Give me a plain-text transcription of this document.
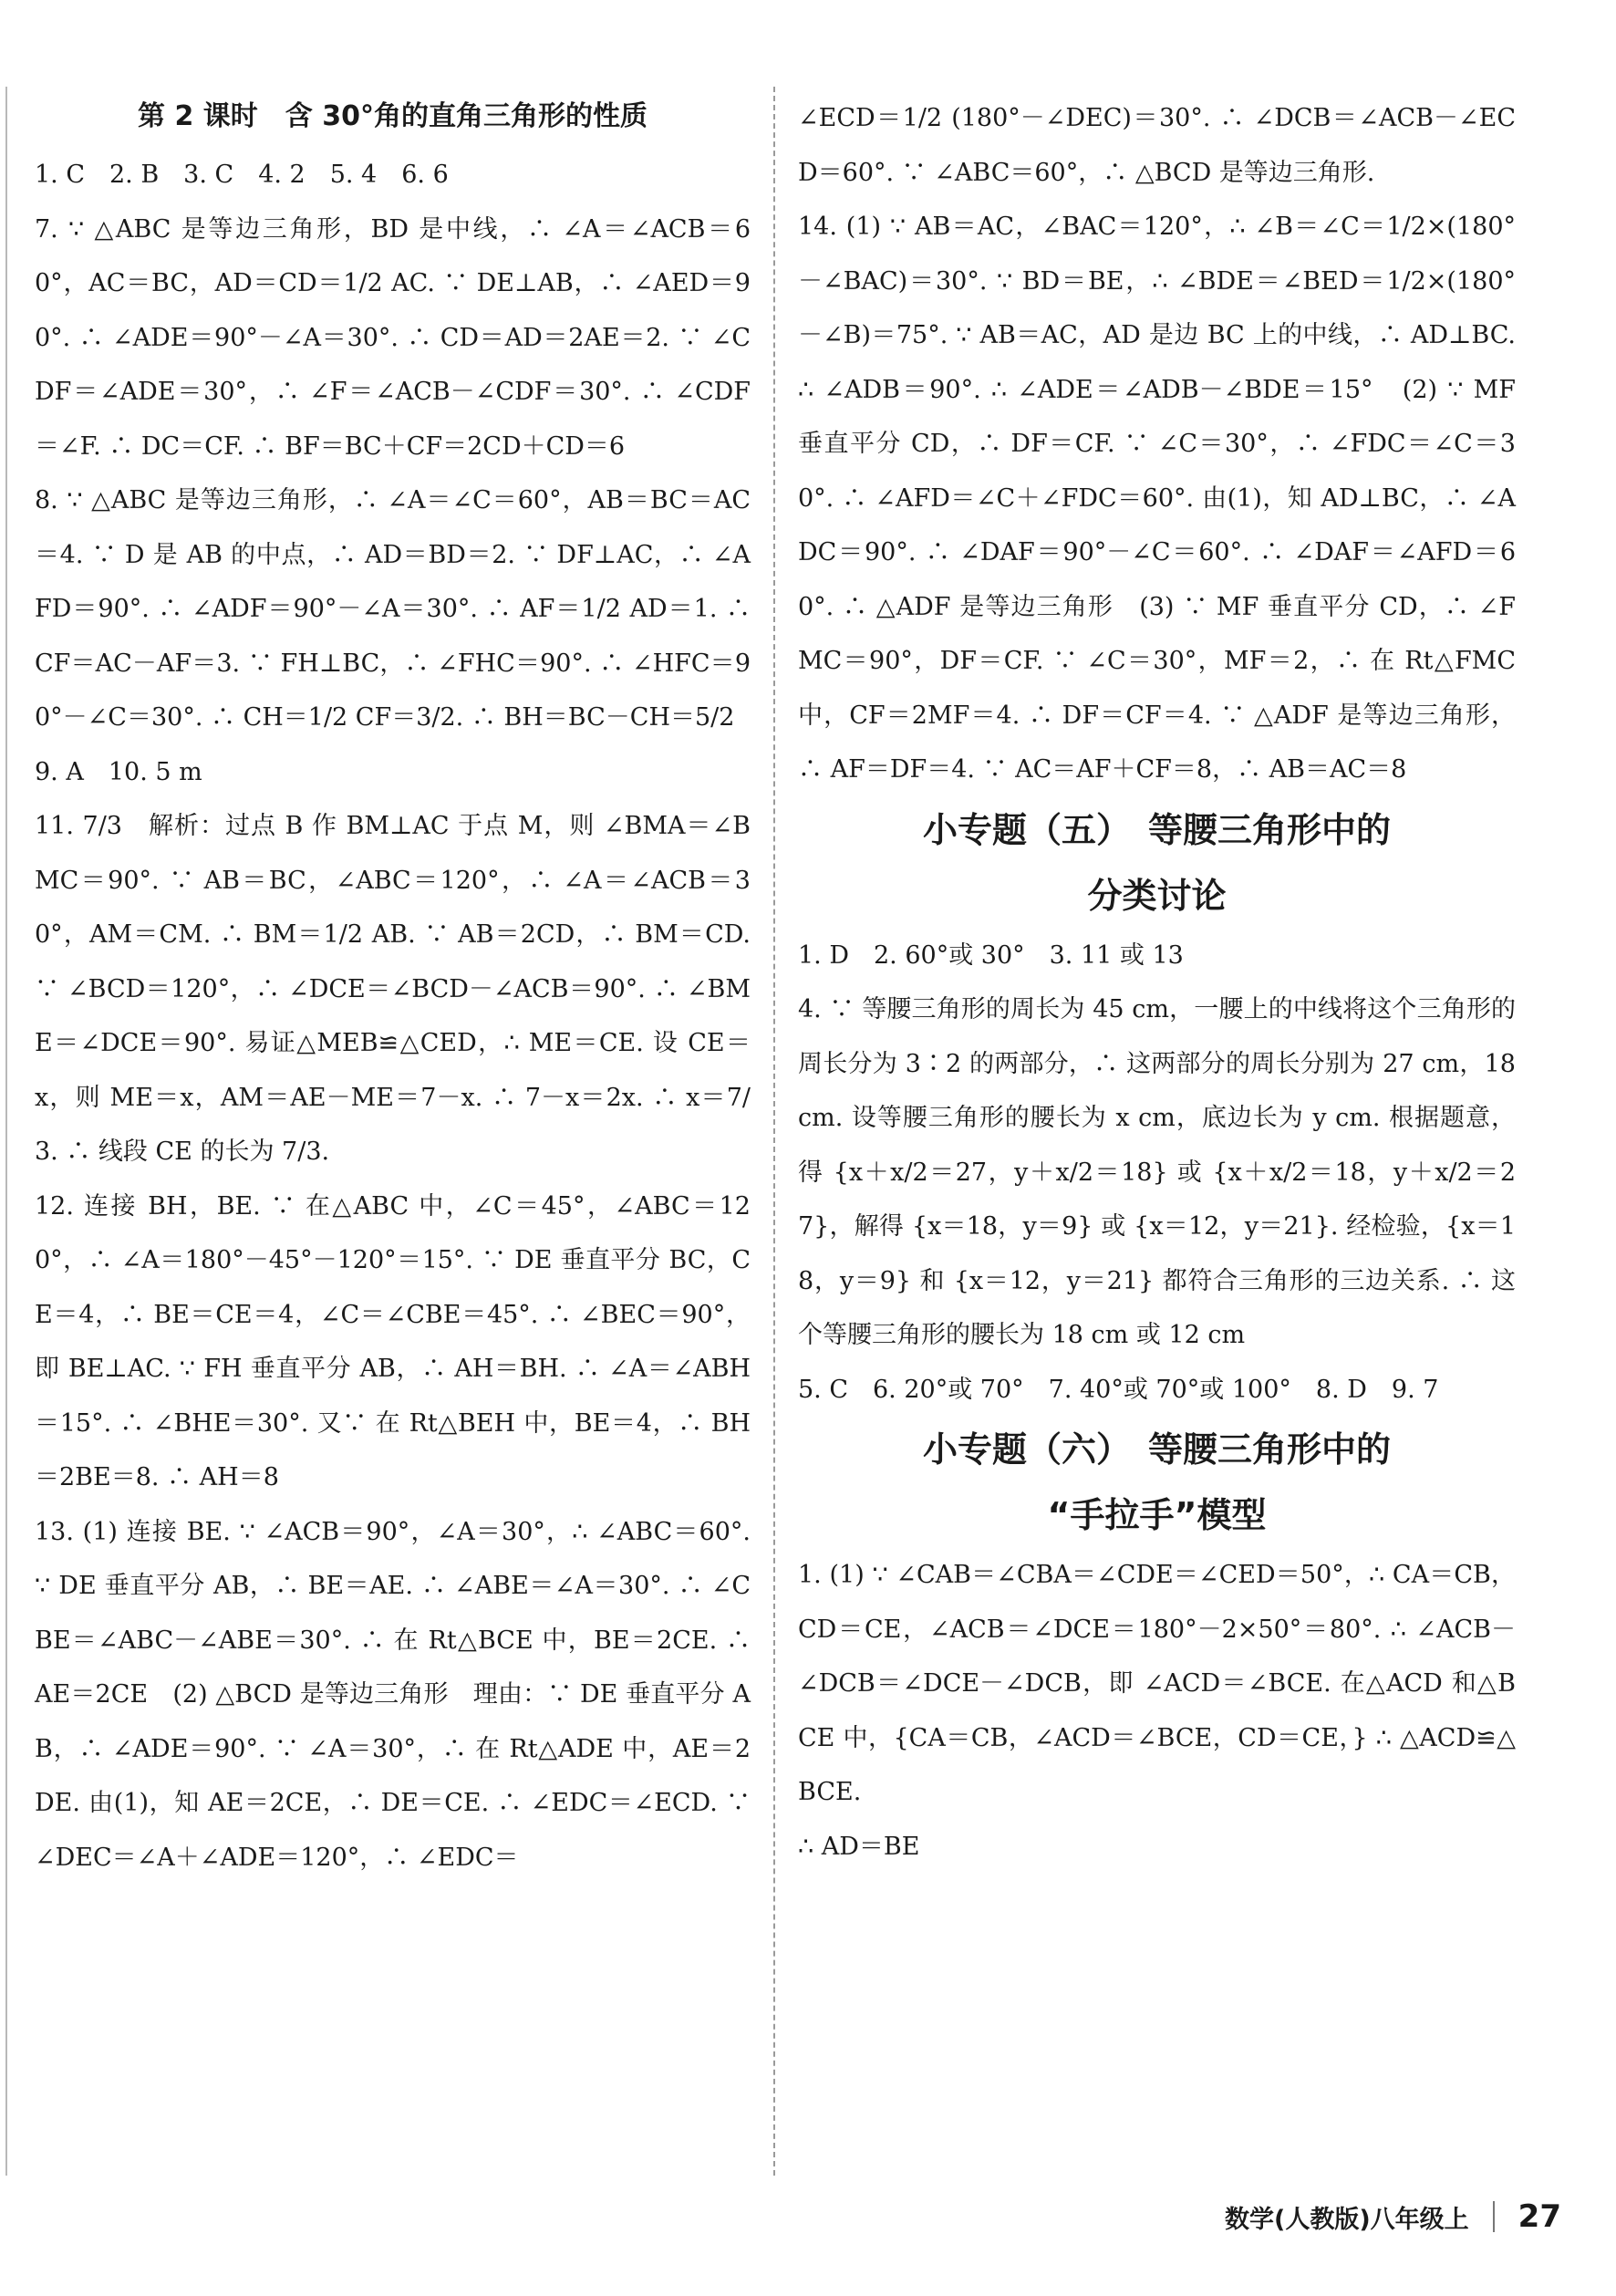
第 2 课时　含 30°角的直角三角形的性质
1. C　2. B　3. C　4. 2　5. 4　6. 6
7. ∵ △ABC 是等边三角形，BD 是中线，∴ ∠A＝∠ACB＝60°，AC＝BC，AD＝CD＝1/2 AC. ∵ DE⊥AB，∴ ∠AED＝90°. ∴ ∠ADE＝90°－∠A＝30°. ∴ CD＝AD＝2AE＝2. ∵ ∠CDF＝∠ADE＝30°，∴ ∠F＝∠ACB－∠CDF＝30°. ∴ ∠CDF＝∠F. ∴ DC＝CF. ∴ BF＝BC＋CF＝2CD＋CD＝6
8. ∵ △ABC 是等边三角形，∴ ∠A＝∠C＝60°，AB＝BC＝AC＝4. ∵ D 是 AB 的中点，∴ AD＝BD＝2. ∵ DF⊥AC，∴ ∠AFD＝90°. ∴ ∠ADF＝90°－∠A＝30°. ∴ AF＝1/2 AD＝1. ∴ CF＝AC－AF＝3. ∵ FH⊥BC，∴ ∠FHC＝90°. ∴ ∠HFC＝90°－∠C＝30°. ∴ CH＝1/2 CF＝3/2. ∴ BH＝BC－CH＝5/2
9. A　10. 5 m
11. 7/3　解析：过点 B 作 BM⊥AC 于点 M，则 ∠BMA＝∠BMC＝90°. ∵ AB＝BC，∠ABC＝120°，∴ ∠A＝∠ACB＝30°，AM＝CM. ∴ BM＝1/2 AB. ∵ AB＝2CD，∴ BM＝CD. ∵ ∠BCD＝120°，∴ ∠DCE＝∠BCD－∠ACB＝90°. ∴ ∠BME＝∠DCE＝90°. 易证△MEB≌△CED，∴ ME＝CE. 设 CE＝x，则 ME＝x，AM＝AE－ME＝7－x. ∴ 7－x＝2x. ∴ x＝7/3. ∴ 线段 CE 的长为 7/3.
12. 连接 BH，BE. ∵ 在△ABC 中，∠C＝45°，∠ABC＝120°，∴ ∠A＝180°－45°－120°＝15°. ∵ DE 垂直平分 BC，CE＝4，∴ BE＝CE＝4，∠C＝∠CBE＝45°. ∴ ∠BEC＝90°，即 BE⊥AC. ∵ FH 垂直平分 AB，∴ AH＝BH. ∴ ∠A＝∠ABH＝15°. ∴ ∠BHE＝30°. 又∵ 在 Rt△BEH 中，BE＝4，∴ BH＝2BE＝8. ∴ AH＝8
13. (1) 连接 BE. ∵ ∠ACB＝90°，∠A＝30°，∴ ∠ABC＝60°. ∵ DE 垂直平分 AB，∴ BE＝AE. ∴ ∠ABE＝∠A＝30°. ∴ ∠CBE＝∠ABC－∠ABE＝30°. ∴ 在 Rt△BCE 中，BE＝2CE. ∴ AE＝2CE　(2) △BCD 是等边三角形　理由：∵ DE 垂直平分 AB，∴ ∠ADE＝90°. ∵ ∠A＝30°，∴ 在 Rt△ADE 中，AE＝2DE. 由(1)，知 AE＝2CE，∴ DE＝CE. ∴ ∠EDC＝∠ECD. ∵ ∠DEC＝∠A＋∠ADE＝120°，∴ ∠EDC＝
∠ECD＝1/2 (180°－∠DEC)＝30°. ∴ ∠DCB＝∠ACB－∠ECD＝60°. ∵ ∠ABC＝60°，∴ △BCD 是等边三角形.
14. (1) ∵ AB＝AC，∠BAC＝120°，∴ ∠B＝∠C＝1/2×(180°－∠BAC)＝30°. ∵ BD＝BE，∴ ∠BDE＝∠BED＝1/2×(180°－∠B)＝75°. ∵ AB＝AC，AD 是边 BC 上的中线，∴ AD⊥BC. ∴ ∠ADB＝90°. ∴ ∠ADE＝∠ADB－∠BDE＝15°　(2) ∵ MF 垂直平分 CD，∴ DF＝CF. ∵ ∠C＝30°，∴ ∠FDC＝∠C＝30°. ∴ ∠AFD＝∠C＋∠FDC＝60°. 由(1)，知 AD⊥BC，∴ ∠ADC＝90°. ∴ ∠DAF＝90°－∠C＝60°. ∴ ∠DAF＝∠AFD＝60°. ∴ △ADF 是等边三角形　(3) ∵ MF 垂直平分 CD，∴ ∠FMC＝90°，DF＝CF. ∵ ∠C＝30°，MF＝2，∴ 在 Rt△FMC 中，CF＝2MF＝4. ∴ DF＝CF＝4. ∵ △ADF 是等边三角形，∴ AF＝DF＝4. ∵ AC＝AF＋CF＝8，∴ AB＝AC＝8
小专题（五）　等腰三角形中的
分类讨论
1. D　2. 60°或 30°　3. 11 或 13
4. ∵ 等腰三角形的周长为 45 cm，一腰上的中线将这个三角形的周长分为 3∶2 的两部分，∴ 这两部分的周长分别为 27 cm，18 cm. 设等腰三角形的腰长为 x cm，底边长为 y cm. 根据题意，得 {x＋x/2＝27，y＋x/2＝18} 或 {x＋x/2＝18，y＋x/2＝27}，解得 {x＝18，y＝9} 或 {x＝12，y＝21}. 经检验，{x＝18，y＝9} 和 {x＝12，y＝21} 都符合三角形的三边关系. ∴ 这个等腰三角形的腰长为 18 cm 或 12 cm
5. C　6. 20°或 70°　7. 40°或 70°或 100°　8. D　9. 7
小专题（六）　等腰三角形中的
“手拉手”模型
1. (1) ∵ ∠CAB＝∠CBA＝∠CDE＝∠CED＝50°，∴ CA＝CB，CD＝CE，∠ACB＝∠DCE＝180°－2×50°＝80°. ∴ ∠ACB－∠DCB＝∠DCE－∠DCB，即 ∠ACD＝∠BCE. 在△ACD 和△BCE 中，{CA＝CB，∠ACD＝∠BCE，CD＝CE，} ∴ △ACD≌△BCE.
∴ AD＝BE
数学(人教版)八年级上 27
